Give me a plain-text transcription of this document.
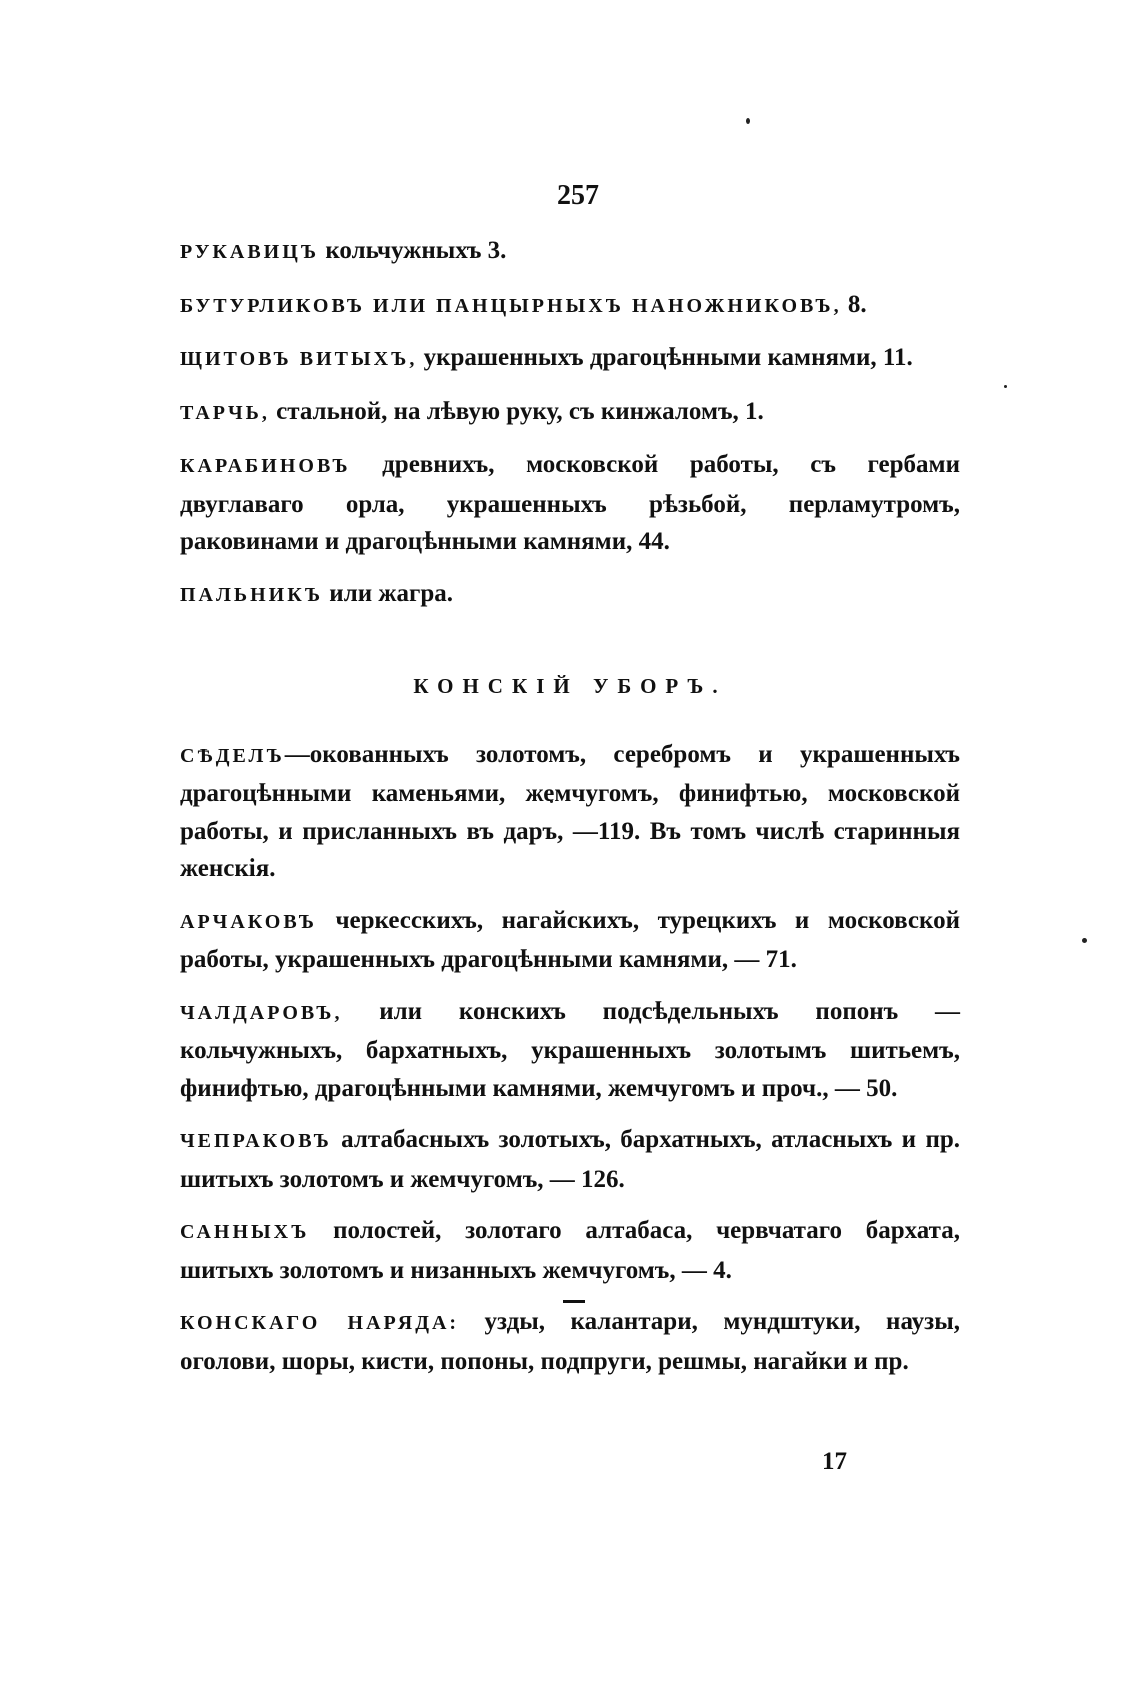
257

РУКАВИЦЪ кольчужныхъ 3.

БУТУРЛИКОВЪ ИЛИ ПАНЦЫРНЫХЪ НАНОЖНИКОВЪ, 8.

ЩИТОВЪ ВИТЫХЪ, украшенныхъ драгоцѣнными камнями, 11.

ТАРЧЬ, стальной, на лѣвую руку, съ кинжаломъ, 1.

КАРАБИНОВЪ древнихъ, московской работы, съ гербами двуглаваго орла, украшенныхъ рѣзьбой, перламутромъ, раковинами и драгоцѣнными камнями, 44.

ПАЛЬНИКЪ или жагра.

КОНСКІЙ УБОРЪ.

СѢДЕЛЪ—окованныхъ золотомъ, серебромъ и украшенныхъ драгоцѣнными каменьями, жемчугомъ, финифтью, московской работы, и присланныхъ въ даръ, —119. Въ томъ числѣ старинныя женскія.

АРЧАКОВЪ черкесскихъ, нагайскихъ, турецкихъ и московской работы, украшенныхъ драгоцѣнными камнями, — 71.

ЧАЛДАРОВЪ, или конскихъ подсѣдельныхъ попонъ — кольчужныхъ, бархатныхъ, украшенныхъ золотымъ шитьемъ, финифтью, драгоцѣнными камнями, жемчугомъ и проч., — 50.

ЧЕПРАКОВЪ алтабасныхъ золотыхъ, бархатныхъ, атласныхъ и пр. шитыхъ золотомъ и жемчугомъ, — 126.

САННЫХЪ полостей, золотаго алтабаса, червчатаго бархата, шитыхъ золотомъ и низанныхъ жемчугомъ, — 4.

КОНСКАГО НАРЯДА: узды, калантари, мундштуки, наузы, оголови, шоры, кисти, попоны, подпруги, решмы, нагайки и пр.

17
